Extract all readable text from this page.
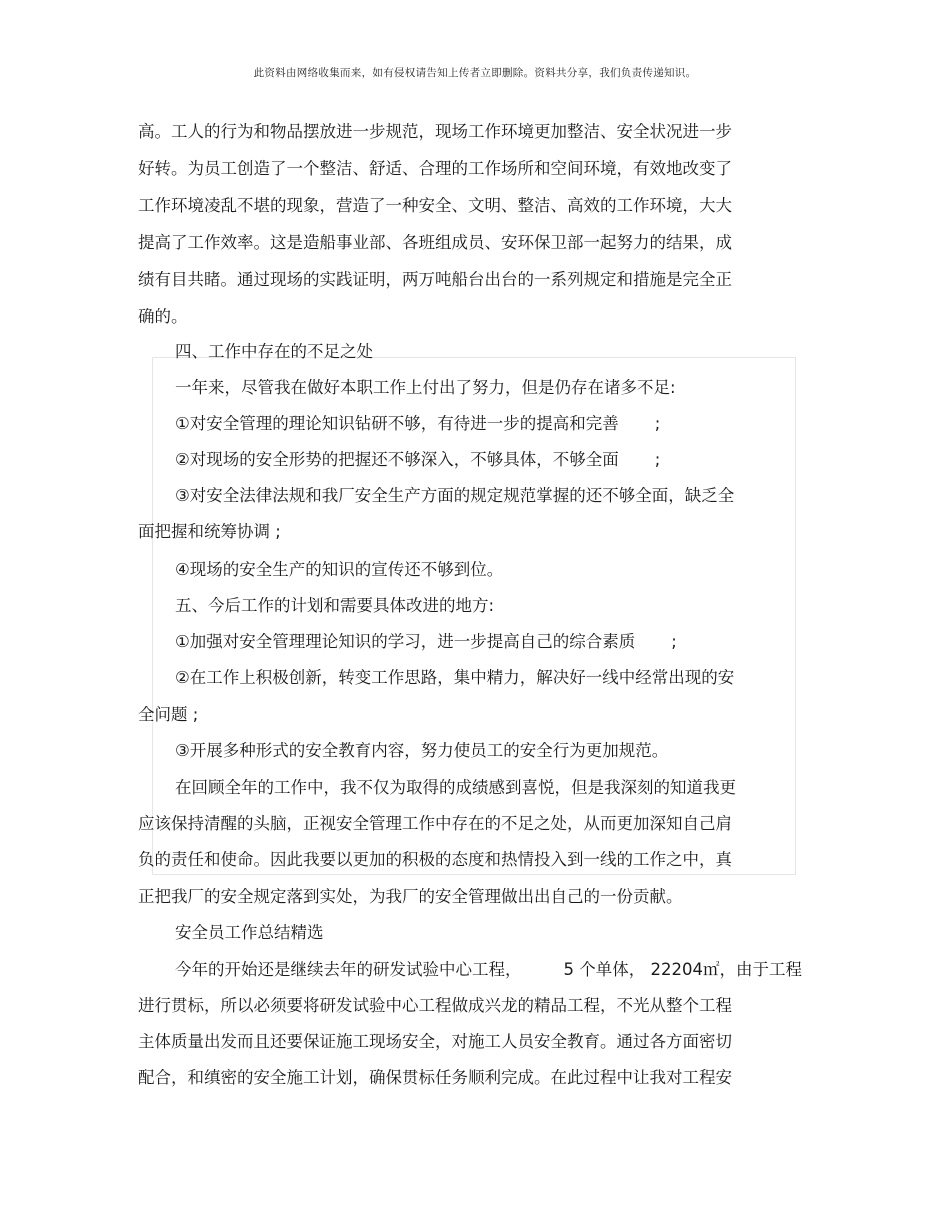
此资料由网络收集而来，如有侵权请告知上传者立即删除。资料共分享，我们负责传递知识。
高。工人的行为和物品摆放进一步规范，现场工作环境更加整洁、安全状况进一步
好转。为员工创造了一个整洁、舒适、合理的工作场所和空间环境，有效地改变了
工作环境凌乱不堪的现象，营造了一种安全、文明、整洁、高效的工作环境，大大
提高了工作效率。这是造船事业部、各班组成员、安环保卫部一起努力的结果，成
绩有目共睹。通过现场的实践证明，两万吨船台出台的一系列规定和措施是完全正
确的。
四、工作中存在的不足之处
一年来，尽管我在做好本职工作上付出了努力，但是仍存在诸多不足:
①对安全管理的理论知识钻研不够，有待进一步的提高和完善 ;
②对现场的安全形势的把握还不够深入，不够具体，不够全面 ;
③对安全法律法规和我厂安全生产方面的规定规范掌握的还不够全面，缺乏全
面把握和统筹协调 ;
④现场的安全生产的知识的宣传还不够到位。
五、今后工作的计划和需要具体改进的地方:
①加强对安全管理理论知识的学习，进一步提高自己的综合素质 ;
②在工作上积极创新，转变工作思路，集中精力，解决好一线中经常出现的安
全问题 ;
③开展多种形式的安全教育内容，努力使员工的安全行为更加规范。
在回顾全年的工作中，我不仅为取得的成绩感到喜悦，但是我深刻的知道我更
应该保持清醒的头脑，正视安全管理工作中存在的不足之处，从而更加深知自己肩
负的责任和使命。因此我要以更加的积极的态度和热情投入到一线的工作之中，真
正把我厂的安全规定落到实处，为我厂的安全管理做出出自己的一份贡献。
安全员工作总结精选
今年的开始还是继续去年的研发试验中心工程，	5 个单体， 22204㎡，由于工程
进行贯标，所以必须要将研发试验中心工程做成兴龙的精品工程，不光从整个工程
主体质量出发而且还要保证施工现场安全，对施工人员安全教育。通过各方面密切
配合，和缜密的安全施工计划，确保贯标任务顺利完成。在此过程中让我对工程安
